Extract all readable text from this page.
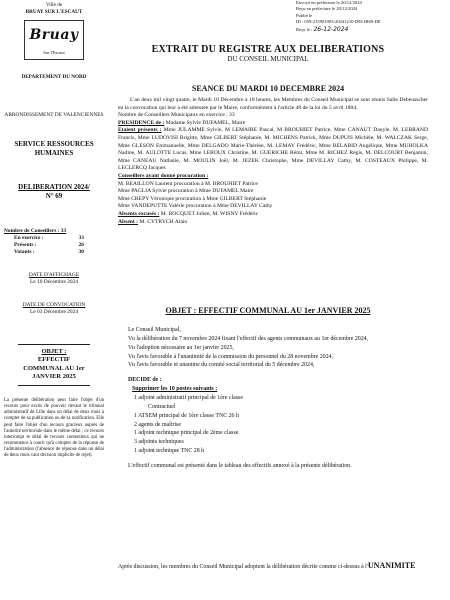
Ville de
BRUAY SUR L'ESCAUT
Bruay
Sur l'Escaut
DEPARTEMENT DU NORD
Envoyé en préfecture le 20/12/2024
Reçu en préfecture le 20/12/2024
Publié le
ID : 059-215901003-20241210-DELIB69-DE
Reçu le : 26-12-2024
ARRONDISSEMENT DE VALENCIENNES
SERVICE RESSOURCES HUMAINES
DELIBERATION 2024/
N° 69
Nombre de Conseillers : 33
En exercice :	33
Présents :	26
Votants :	30
DATE D'AFFICHAGE
Le 10 Décembre 2024
DATE DE CONVOCATION
Le 03 Décembre 2024
OBJET :
EFFECTIF COMMUNAL AU 1er JANVIER 2025
La présente délibération peut faire l'objet d'un recours pour excès de pouvoir devant le tribunal administratif de Lille dans un délai de deux mois à compter de sa publication ou de sa notification. Elle peut faire l'objet d'un recours gracieux auprès de l'autorité territoriale dans le même délai ; ce recours interrompt le délai de recours contentieux qui ne recommence à courir qu'à compter de la réponse de l'administration (l'absence de réponse dans un délai de deux mois vaut décision implicite de rejet).
EXTRAIT DU REGISTRE AUX DELIBERATIONS
DU CONSEIL MUNICIPAL
SEANCE DU MARDI 10 DECEMBRE 2024

L'an deux mil vingt quatre, le Mardi 10 Décembre à 18 heures, les Membres du Conseil Municipal se sont réunis Salle Debeusscher en la convocation qui leur a été adressée par le Maire, conformément à l'article 48 de la loi du 5 avril 1884.

Nombre de Conseillers Municipaux en exercice : 33

PRESIDENCE de : Madame Sylvie DUFAMEL, Maire

Etaient présents : Mme JULAMME Sylvie, M LEMAIRE Pascal, M BROUHIET Patrice, Mme CANAUT Danyle, M. LEBRAND Francis, Mme LUDOVISI Brigitte, Mme GILBERT Stéphanie, M. MICHENS Patrick, Mme DUPUIS Michèle, M. WALCZAK Serge, Mme GLESON Emmanuelle, Mme DELGADO Marie-Thérèse, M. LEMAY Frédéric, Mme BELABID Angélique, Mme MUHOLKA Nadine, M. AULOTTE Lucas, Mme LEROUX Christine, M. GUERICHE Rémi, Mme M. RICHEZ Régis, M. DELCOURT Benjamin, Mme CANEAU Nathalie, M. MOULIN Joël, M. JEZEK Christophe, Mme DEVILLAY Cathy, M. COSTEAUX Philippe, M. LECLERCQ Jacques

Conseillers ayant donné procuration :

M. BEAILLON Laurent procuration à M. BROUHIET Patrice

Mme PAGLIA Sylvie procuration à Mme DUFAMEL Maire

Mme CREPY Véronique procuration à Mme GILBERT Stéphanie

Mme VANDEPUTTE Valérie procuration à Mme DEVILLAY Cathy

Absents excusés : M. BOCQUET Julien, M. WISNY Frédéric

Absent : M. CYTRYCH Alain

OBJET : EFFECTIF COMMUNAL AU 1er JANVIER 2025

Le Conseil Municipal,

Vu la délibération du 7 novembre 2024 fixant l'effectif des agents communaux au 1er décembre 2024,

Vu l'adoption nécessaire au 1er janvier 2025,

Vu l'avis favorable à l'unanimité de la commission du personnel du 28 novembre 2024,

Vu l'avis favorable et unanime du comité social territorial du 5 décembre 2024,

DECIDE de :

Supprimer les 10 postes suivants :

1 adjoint administratif principal de 1ère classe

Contractuel

1 ATSEM principal de 1ère classe TNC 26 h

2 agents de maîtrise

1 adjoint technique principal de 2ème classe

3 adjoints techniques

1 adjoint technique TNC 28 h

L'effectif communal est présenté dans le tableau des effectifs annexé à la présente délibération.

Après discussion, les membres du Conseil Municipal adoptent la délibération décrite comme ci-dessus à l'UNANIMITE
